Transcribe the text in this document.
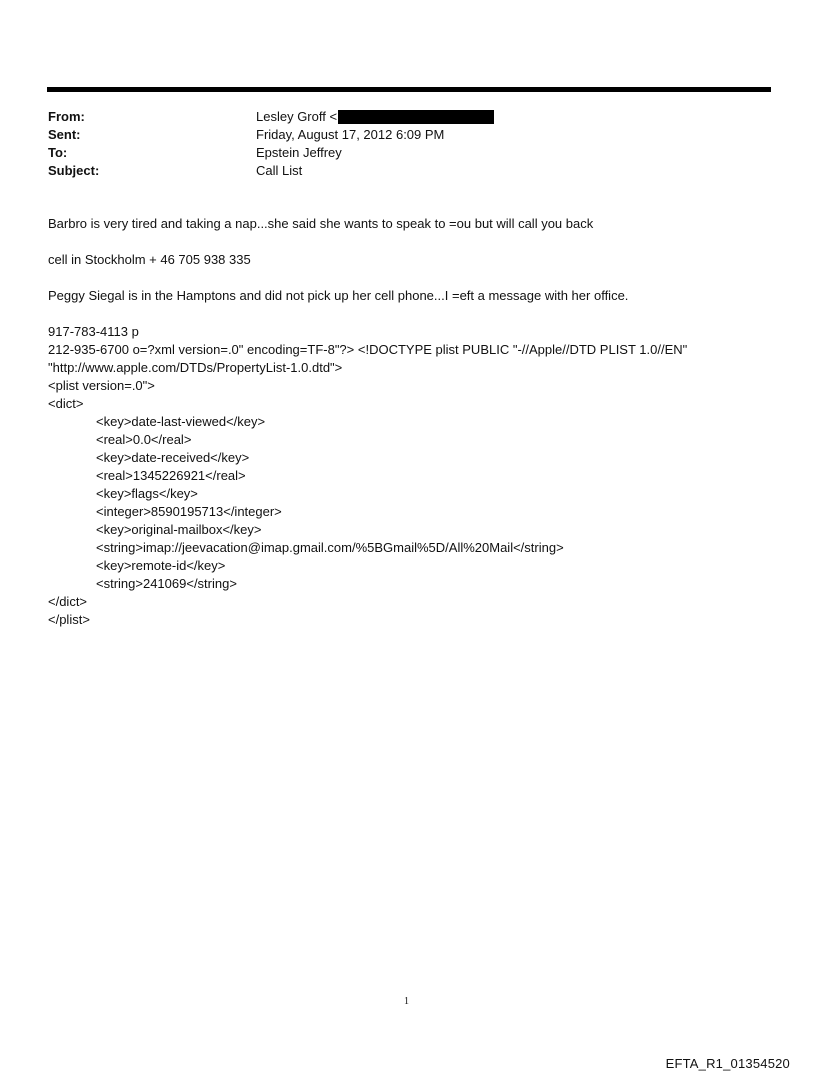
From:	Lesley Groff <
Sent:	Friday, August 17, 2012 6:09 PM
To:	Epstein Jeffrey
Subject:	Call List

Barbro is very tired and taking a nap...she said she wants to speak to =ou but will call you back

cell in Stockholm + 46 705 938 335

Peggy Siegal is in the Hamptons and did not pick up her cell phone...I =eft a message with her office.

917-783-4113 p

212-935-6700 o=?xml version=.0" encoding=TF-8"?> <!DOCTYPE plist PUBLIC "-//Apple//DTD PLIST 1.0//EN"

"http://www.apple.com/DTDs/PropertyList-1.0.dtd">

<plist version=.0">

<dict>

<key>date-last-viewed</key>

<real>0.0</real>

<key>date-received</key>

<real>1345226921</real>

<key>flags</key>

<integer>8590195713</integer>

<key>original-mailbox</key>

<string>imap://jeevacation@imap.gmail.com/%5BGmail%5D/All%20Mail</string>

<key>remote-id</key>

<string>241069</string>

</dict>

</plist>

1
EFTA_R1_01354520
